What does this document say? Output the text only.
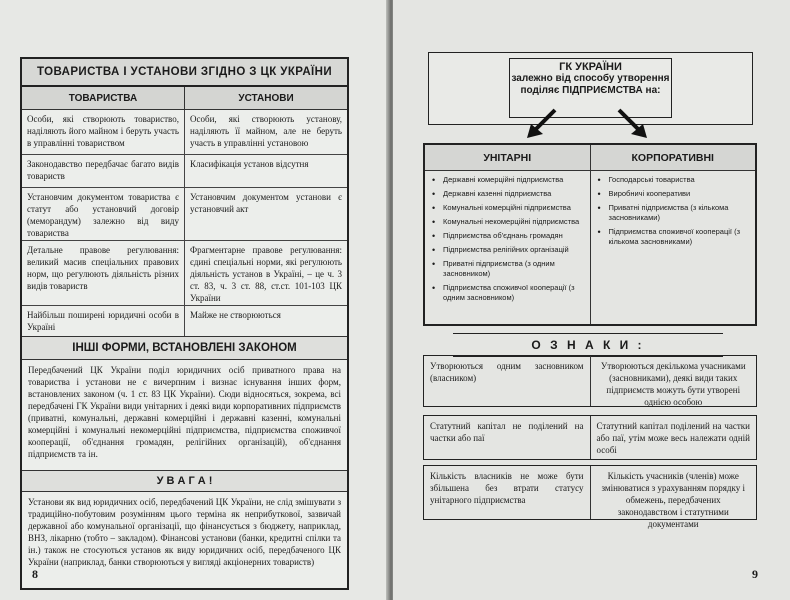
ТОВАРИСТВА І УСТАНОВИ ЗГІДНО З ЦК УКРАЇНИ
ТОВАРИСТВА	УСТАНОВИ
Особи, які створюють товариство, наділяють його майном і беруть участь в управлінні товариством
Особи, які створюють установу, наділяють її майном, але не беруть участь в управлінні установою
Законодавство передбачає багато видів товариств
Класифікація установ відсутня
Установчим документом товариства є статут або установчий договір (меморандум) залежно від виду товариства
Установчим документом установи є установчий акт
Детальне правове регулювання: великий масив спеціальних правових норм, що регулюють діяльність різних видів товариств
Фрагментарне правове регулювання: єдині спеціальні норми, які регулюють діяльність установ в Україні, – це ч. 3 ст. 83, ч. 3 ст. 88, ст.ст. 101-103 ЦК України
Найбільш поширені юридичні особи в Україні
Майже не створюються
ІНШІ ФОРМИ, ВСТАНОВЛЕНІ ЗАКОНОМ
Передбачений ЦК України поділ юридичних осіб приватного права на товариства і установи не є вичерпним і визнає існування інших форм, встановлених законом (ч. 1 ст. 83 ЦК України). Сюди відносяться, зокрема, всі передбачені ГК України види унітарних і деякі види корпоративних підприємств (приватні, комунальні, державні комерційні і державні казенні, комунальні комерційні і комунальні некомерційні підприємства, підприємства споживчої кооперації, об'єднання громадян, релігійних організацій), об'єднання підприємств та ін.
У В А Г А !
Установи як вид юридичних осіб, передбачений ЦК України, не слід змішувати з традиційно-побутовим розумінням цього терміна як неприбуткової, зазвичай державної або комунальної організації, що фінансується з бюджету, наприклад, ВНЗ, лікарню (тобто – закладом). Фінансові установи (банки, кредитні спілки та ін.) також не стосуються установ як виду юридичних осіб, передбаченого ЦК України (наприклад, банки створюються у вигляді акціонерних товариств)
8
ГК УКРАЇНИ
залежно від способу утворення
поділяє ПІДПРИЄМСТВА на:
УНІТАРНІ
• Державні комерційні підприємства
• Державні казенні підприємства
• Комунальні комерційні підприємства
• Комунальні некомерційні підприємства
• Підприємства об'єднань громадян
• Підприємства релігійних організацій
• Приватні підприємства (з одним засновником)
• Підприємства споживчої кооперації (з одним засновником)
КОРПОРАТИВНІ
• Господарські товариства
• Виробничі кооперативи
• Приватні підприємства (з кількома засновниками)
• Підприємства споживчої кооперації (з кількома засновниками)
О З Н А К И :
Утворюються одним засновником (власником)
Утворюються декількома учасниками (засновниками), деякі види таких підприємств можуть бути утворені однією особою
Статутний капітал не поділений на частки або паї
Статутний капітал поділений на частки або паї, утім може весь належати одній особі
Кількість власників не може бути збільшена без втрати статусу унітарного підприємства
Кількість учасників (членів) може змінюватися з урахуванням порядку і обмежень, передбачених законодавством і статутними документами
9
